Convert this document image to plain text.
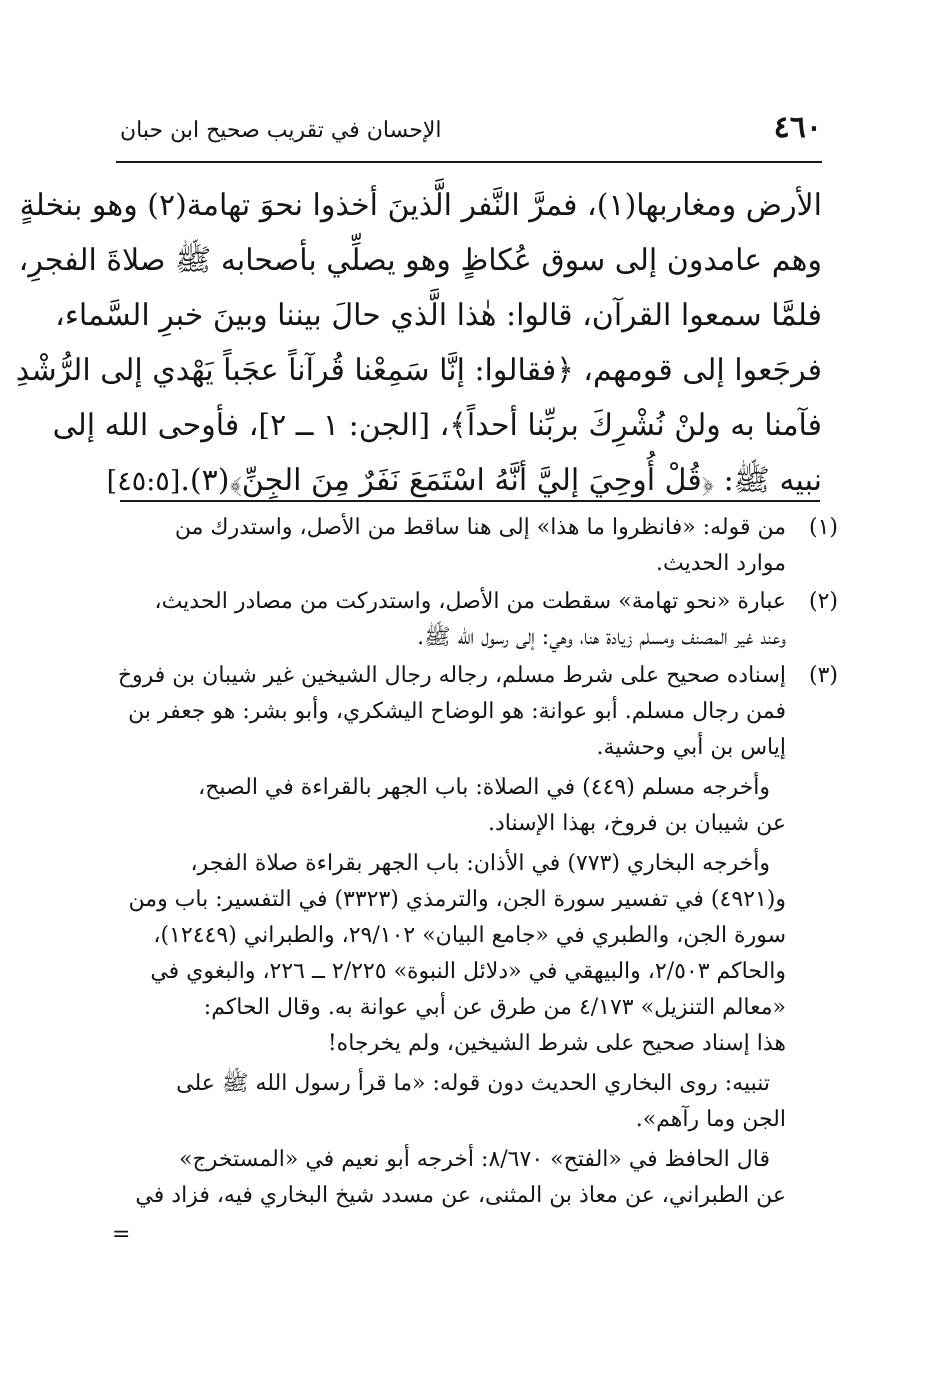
٤٦٠
الإحسان في تقريب صحيح ابن حبان
الأرض ومغاربها(١)، فمرَّ النَّفر الَّذينَ أخذوا نحوَ تهامة(٢) وهو بنخلةٍ
وهم عامدون إلى سوق عُكاظٍ وهو يصلِّي بأصحابه ﷺ صلاةَ الفجرِ،
فلمَّا سمعوا القرآن، قالوا: هٰذا الَّذي حالَ بيننا وبينَ خبرِ السَّماء،
فرجَعوا إلى قومهم، ﴿فقالوا: إنَّا سَمِعْنا قُرآناً عجَباً يَهْدي إلى الرُّشْدِ
فآمنا به ولنْ نُشْرِكَ بربِّنا أحداً﴾، [الجن: ١ ــ ٢]، فأوحى الله إلى
نبيه ﷺ: ﴿قُلْ أُوحِيَ إليَّ أنَّهُ اسْتَمَعَ نَفَرٌ مِنَ الجِنِّ﴾(٣).
[٤٥:٥]
(١)
من قوله: «فانظروا ما هذا» إلى هنا ساقط من الأصل، واستدرك من
موارد الحديث.
(٢)
عبارة «نحو تهامة» سقطت من الأصل، واستدركت من مصادر الحديث،
وعند غير المصنف ومسلم زيادة هنا، وهي: إلى رسول الله ﷺ.
(٣)
إسناده صحيح على شرط مسلم، رجاله رجال الشيخين غير شيبان بن فروخ
فمن رجال مسلم. أبو عوانة: هو الوضاح اليشكري، وأبو بشر: هو جعفر بن
إياس بن أبي وحشية.
وأخرجه مسلم (٤٤٩) في الصلاة: باب الجهر بالقراءة في الصبح،
عن شيبان بن فروخ، بهذا الإسناد.
وأخرجه البخاري (٧٧٣) في الأذان: باب الجهر بقراءة صلاة الفجر،
و(٤٩٢١) في تفسير سورة الجن، والترمذي (٣٣٢٣) في التفسير: باب ومن
سورة الجن، والطبري في «جامع البيان» ٢٩/١٠٢، والطبراني (١٢٤٤٩)،
والحاكم ٢/٥٠٣، والبيهقي في «دلائل النبوة» ٢/٢٢٥ ــ ٢٢٦، والبغوي في
«معالم التنزيل» ٤/١٧٣ من طرق عن أبي عوانة به. وقال الحاكم:
هذا إسناد صحيح على شرط الشيخين، ولم يخرجاه!
تنبيه: روى البخاري الحديث دون قوله: «ما قرأ رسول الله ﷺ على
الجن وما رآهم».
قال الحافظ في «الفتح» ٨/٦٧٠: أخرجه أبو نعيم في «المستخرج»
عن الطبراني، عن معاذ بن المثنى، عن مسدد شيخ البخاري فيه، فزاد في
=
